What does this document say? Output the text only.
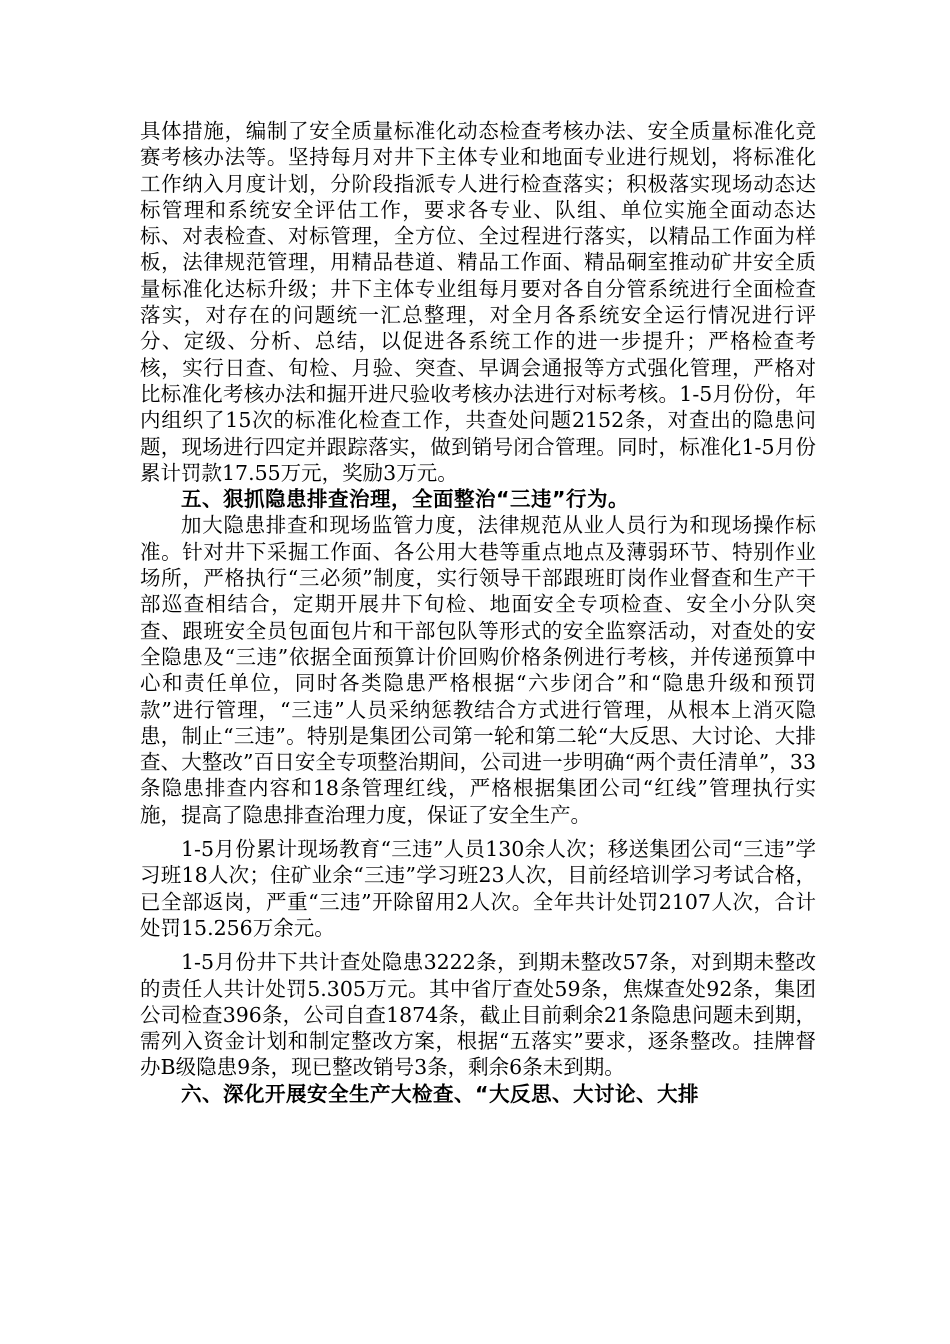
具体措施，编制了安全质量标准化动态检查考核办法、安全质量标准化竞赛考核办法等。坚持每月对井下主体专业和地面专业进行规划，将标准化工作纳入月度计划，分阶段指派专人进行检查落实；积极落实现场动态达标管理和系统安全评估工作，要求各专业、队组、单位实施全面动态达标、对表检查、对标管理，全方位、全过程进行落实，以精品工作面为样板，法律规范管理，用精品巷道、精品工作面、精品硐室推动矿井安全质量标准化达标升级；井下主体专业组每月要对各自分管系统进行全面检查落实，对存在的问题统一汇总整理，对全月各系统安全运行情况进行评分、定级、分析、总结，以促进各系统工作的进一步提升；严格检查考核，实行日查、旬检、月验、突查、早调会通报等方式强化管理，严格对比标准化考核办法和掘开进尺验收考核办法进行对标考核。1-5月份份，年内组织了15次的标准化检查工作，共查处问题2152条，对查出的隐患问题，现场进行四定并跟踪落实，做到销号闭合管理。同时，标准化1-5月份累计罚款17.55万元，奖励3万元。

五、狠抓隐患排查治理，全面整治“三违”行为。

加大隐患排查和现场监管力度，法律规范从业人员行为和现场操作标准。针对井下采掘工作面、各公用大巷等重点地点及薄弱环节、特别作业场所，严格执行“三必须”制度，实行领导干部跟班盯岗作业督查和生产干部巡查相结合，定期开展井下旬检、地面安全专项检查、安全小分队突查、跟班安全员包面包片和干部包队等形式的安全监察活动，对查处的安全隐患及“三违”依据全面预算计价回购价格条例进行考核，并传递预算中心和责任单位，同时各类隐患严格根据“六步闭合”和“隐患升级和预罚款”进行管理，“三违”人员采纳惩教结合方式进行管理，从根本上消灭隐患，制止“三违”。特别是集团公司第一轮和第二轮“大反思、大讨论、大排查、大整改”百日安全专项整治期间，公司进一步明确“两个责任清单”，33条隐患排查内容和18条管理红线，严格根据集团公司“红线”管理执行实施，提高了隐患排查治理力度，保证了安全生产。

1-5月份累计现场教育“三违”人员130余人次；移送集团公司“三违”学习班18人次；住矿业余“三违”学习班23人次，目前经培训学习考试合格，已全部返岗，严重“三违”开除留用2人次。全年共计处罚2107人次，合计处罚15.256万余元。

1-5月份井下共计查处隐患3222条，到期未整改57条，对到期未整改的责任人共计处罚5.305万元。其中省厅查处59条，焦煤查处92条，集团公司检查396条，公司自查1874条，截止目前剩余21条隐患问题未到期，需列入资金计划和制定整改方案，根据“五落实”要求，逐条整改。挂牌督办B级隐患9条，现已整改销号3条，剩余6条未到期。

六、深化开展安全生产大检查、“大反思、大讨论、大排
